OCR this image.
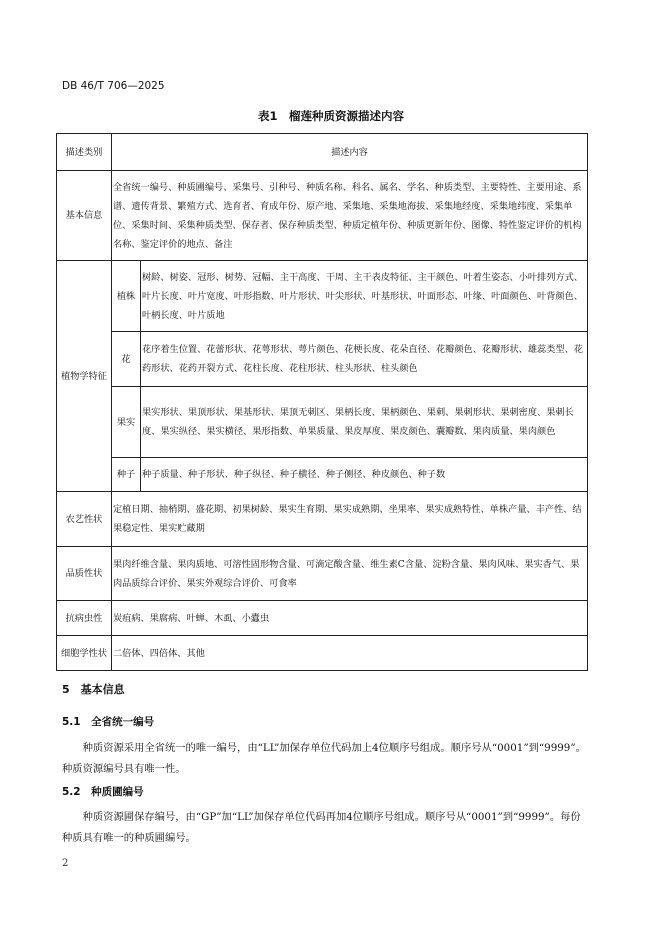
DB 46/T 706—2025
表1　榴莲种质资源描述内容
描述类别	描述内容	
基本信息	全省统一编号、种质圃编号、采集号、引种号、种质名称、科名、属名、学名、种质类型、主要特性、主要用途、系谱、遗传背景、繁殖方式、选育者、育成年份、原产地、采集地、采集地海拔、采集地经度、采集地纬度、采集单位、采集时间、采集种质类型、保存者、保存种质类型、种质定植年份、种质更新年份、图像、特性鉴定评价的机构名称、鉴定评价的地点、备注	
植物学特征	植株	树龄、树姿、冠形、树势、冠幅、主干高度、干周、主干表皮特征、主干颜色、叶着生姿态、小叶排列方式、叶片长度、叶片宽度、叶形指数、叶片形状、叶尖形状、叶基形状、叶面形态、叶缘、叶面颜色、叶背颜色、叶柄长度、叶片质地
	花	花序着生位置、花蕾形状、花萼形状、萼片颜色、花梗长度、花朵直径、花瓣颜色、花瓣形状、雄蕊类型、花药形状、花药开裂方式、花柱长度、花柱形状、柱头形状、柱头颜色
	果实	果实形状、果顶形状、果基形状、果顶无刺区、果柄长度、果柄颜色、果刺、果刺形状、果刺密度、果刺长度、果实纵径、果实横径、果形指数、单果质量、果皮厚度、果皮颜色、囊瓣数、果肉质量、果肉颜色
	种子	种子质量、种子形状、种子纵径、种子横径、种子侧径、种皮颜色、种子数
农艺性状	定植日期、抽梢期、盛花期、初果树龄、果实生育期、果实成熟期、坐果率、果实成熟特性、单株产量、丰产性、结果稳定性、果实贮藏期	
品质性状	果肉纤维含量、果肉质地、可溶性固形物含量、可滴定酸含量、维生素C含量、淀粉含量、果肉风味、果实香气、果肉品质综合评价、果实外观综合评价、可食率	
抗病虫性	炭疽病、果腐病、叶蝉、木虱、小蠹虫	
细胞学性状	二倍体、四倍体、其他	
5　基本信息
5.1　全省统一编号
种质资源采用全省统一的唯一编号，由“LL”加保存单位代码加上4位顺序号组成。顺序号从“0001”到“9999”。种质资源编号具有唯一性。
5.2　种质圃编号
种质资源圃保存编号，由“GP”加“LL”加保存单位代码再加4位顺序号组成。顺序号从“0001”到“9999”。每份种质具有唯一的种质圃编号。
2
